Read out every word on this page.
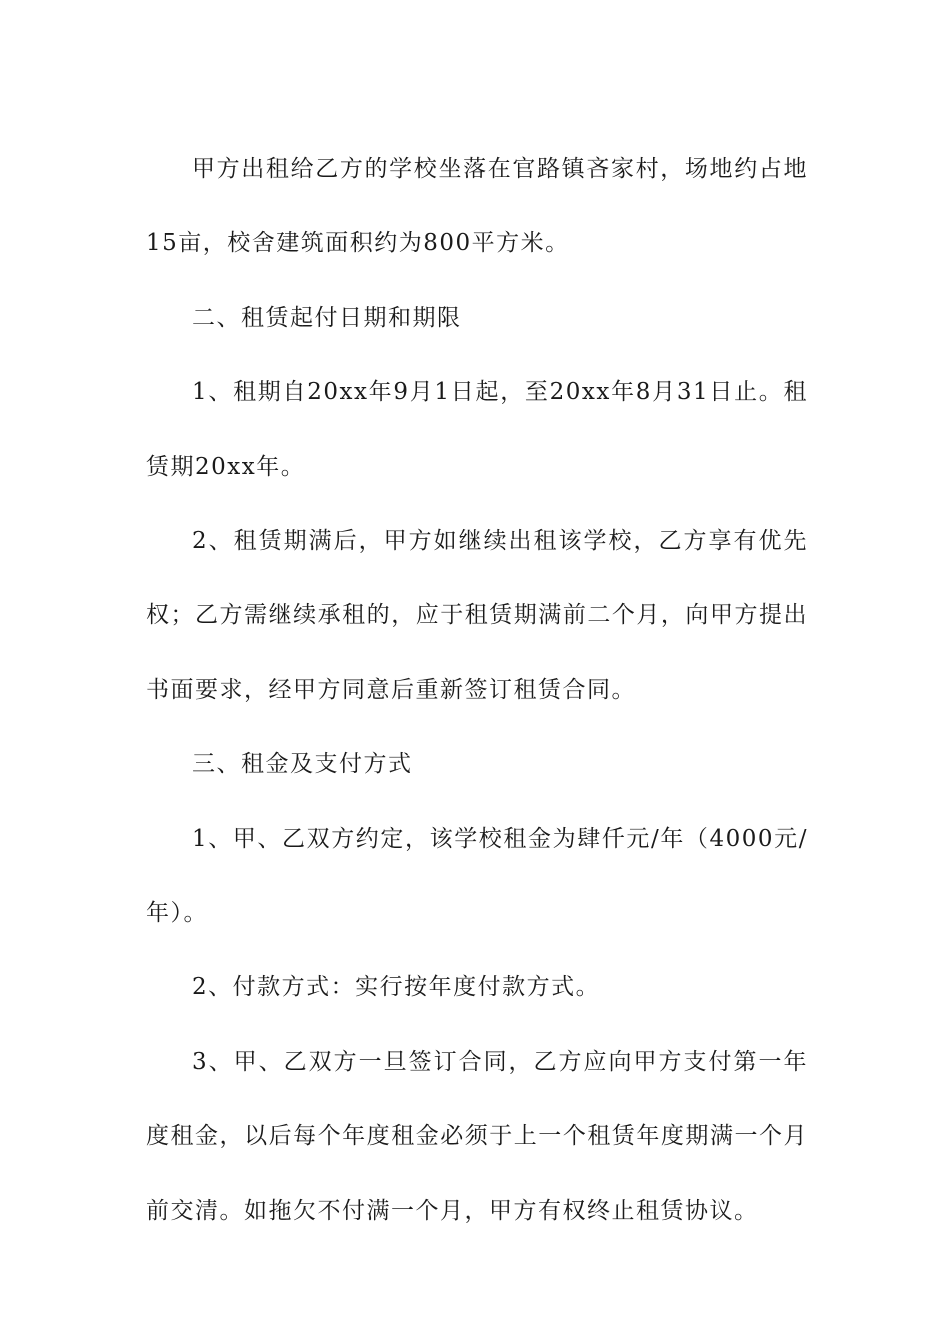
甲方出租给乙方的学校坐落在官路镇吝家村，场地约占地15亩，校舍建筑面积约为800平方米。

二、租赁起付日期和期限

1、租期自20xx年9月1日起，至20xx年8月31日止。租赁期20xx年。

2、租赁期满后，甲方如继续出租该学校，乙方享有优先权；乙方需继续承租的，应于租赁期满前二个月，向甲方提出书面要求，经甲方同意后重新签订租赁合同。

三、租金及支付方式

1、甲、乙双方约定，该学校租金为肆仟元/年（4000元/年）。

2、付款方式：实行按年度付款方式。

3、甲、乙双方一旦签订合同，乙方应向甲方支付第一年度租金，以后每个年度租金必须于上一个租赁年度期满一个月前交清。如拖欠不付满一个月，甲方有权终止租赁协议。
